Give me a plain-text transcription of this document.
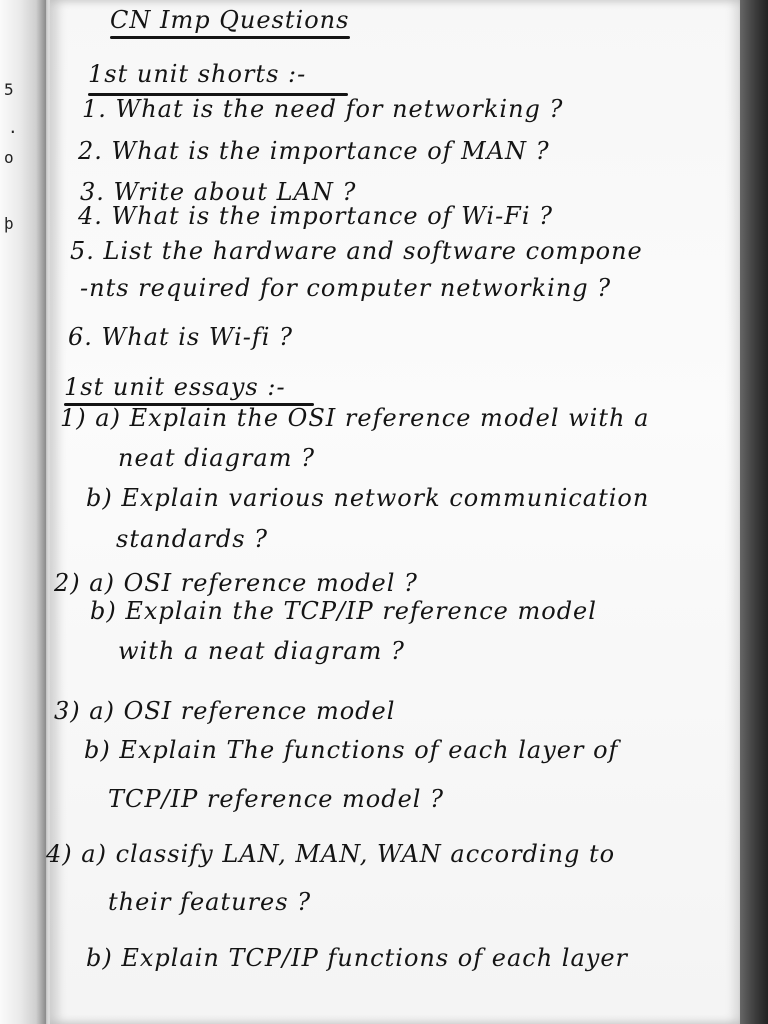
5
.
o
þ
CN Imp Questions
1st unit shorts :-
1. What is the need for networking ?
2. What is the importance of MAN ?
3. Write about LAN ?
4. What is the importance of Wi-Fi ?
5. List the hardware and software compone
-nts required for computer networking ?
6. What is Wi-fi ?
1st unit essays :-
1) a) Explain the OSI reference model with a
neat diagram ?
b) Explain various network communication
standards ?
2) a) OSI reference model ?
b) Explain the TCP/IP reference model
with a neat diagram ?
3) a) OSI reference model
b) Explain The functions of each layer of
TCP/IP reference model ?
4) a) classify LAN, MAN, WAN according to
their features ?
b) Explain TCP/IP functions of each layer
